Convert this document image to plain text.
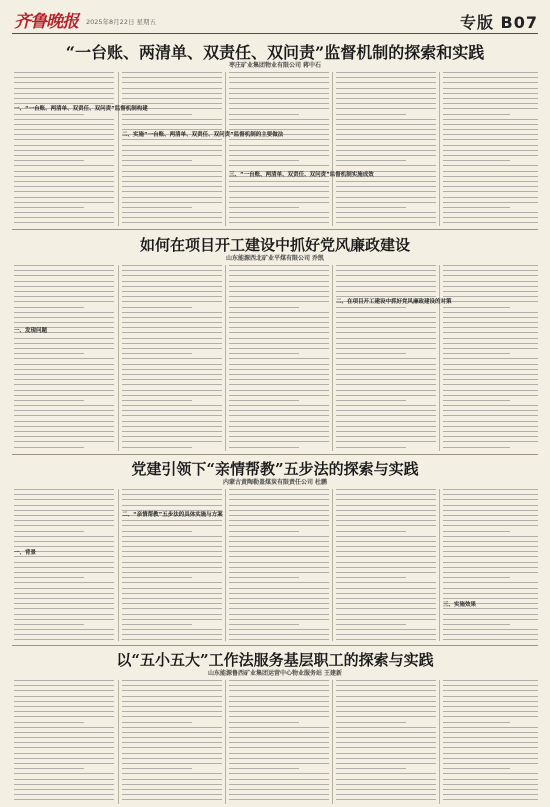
齐鲁晚报 2025年8月22日 星期五	专版 B07
“一台账、两清单、双责任、双问责”监督机制的探索和实践
枣庄矿业集团物业有限公司 蒋中石
一、“一台账、两清单、双责任、双问责”监督机制构建
二、实施“一台账、两清单、双责任、双问责”监督机制的主要做法
三、“一台账、两清单、双责任、双问责”监督机制实施成效
如何在项目开工建设中抓好党风廉政建设
山东能源西北矿业平煤有限公司 乔凯
一、发现问题
二、在项目开工建设中抓好党风廉政建设的对策
党建引领下“亲情帮教”五步法的探索与实践
内蒙古黄陶勒盖煤炭有限责任公司 杜鹏
一、背景
二、“亲情帮教”五步法的具体实施与方案
三、实施效果
以“五小五大”工作法服务基层职工的探索与实践
山东能源鲁西矿业集团运营中心物业服务站 王建新
